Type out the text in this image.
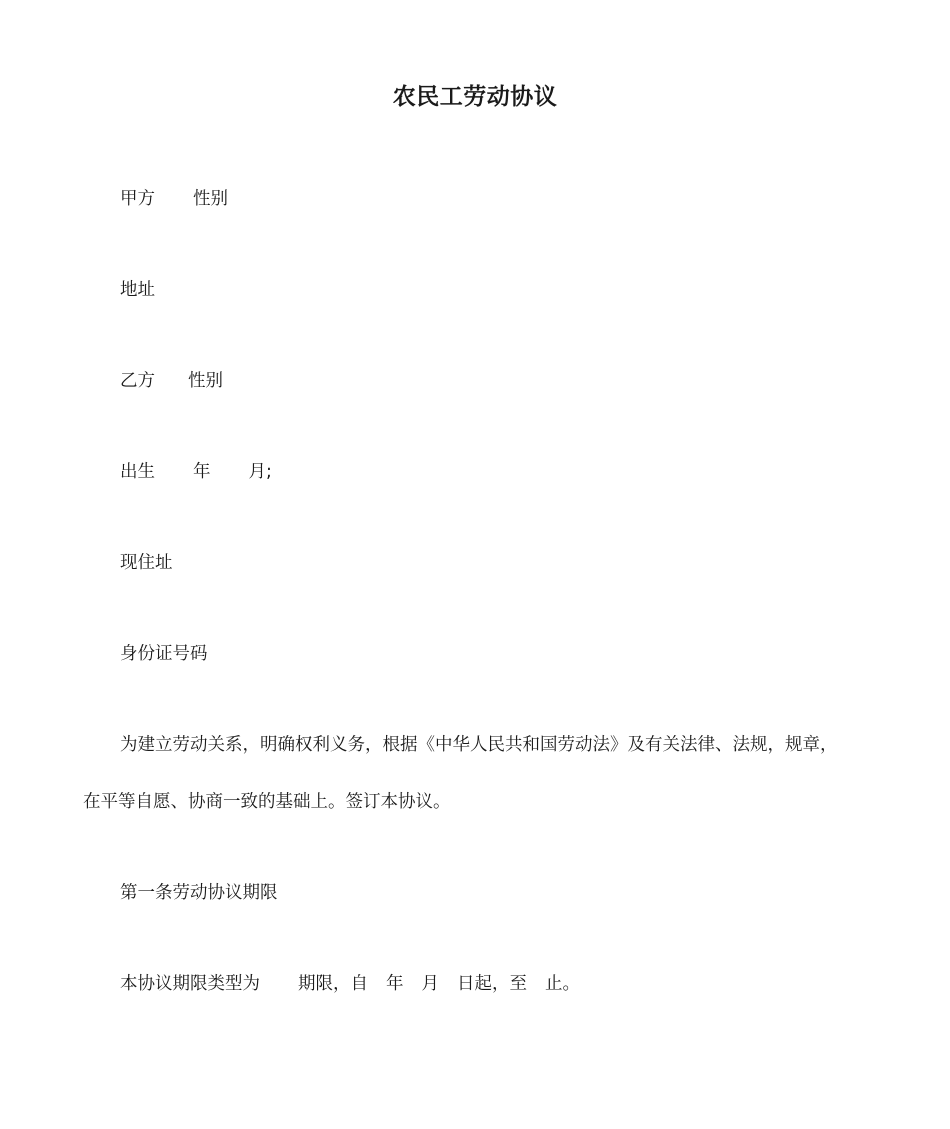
农民工劳动协议
甲方 性别
地址
乙方 性别
出生 年 月;
现住址
身份证号码
为建立劳动关系，明确权利义务，根据《中华人民共和国劳动法》及有关法律、法规，规章，
在平等自愿、协商一致的基础上。签订本协议。
第一条劳动协议期限
本协议期限类型为 期限，自 年 月 日起，至 止。
